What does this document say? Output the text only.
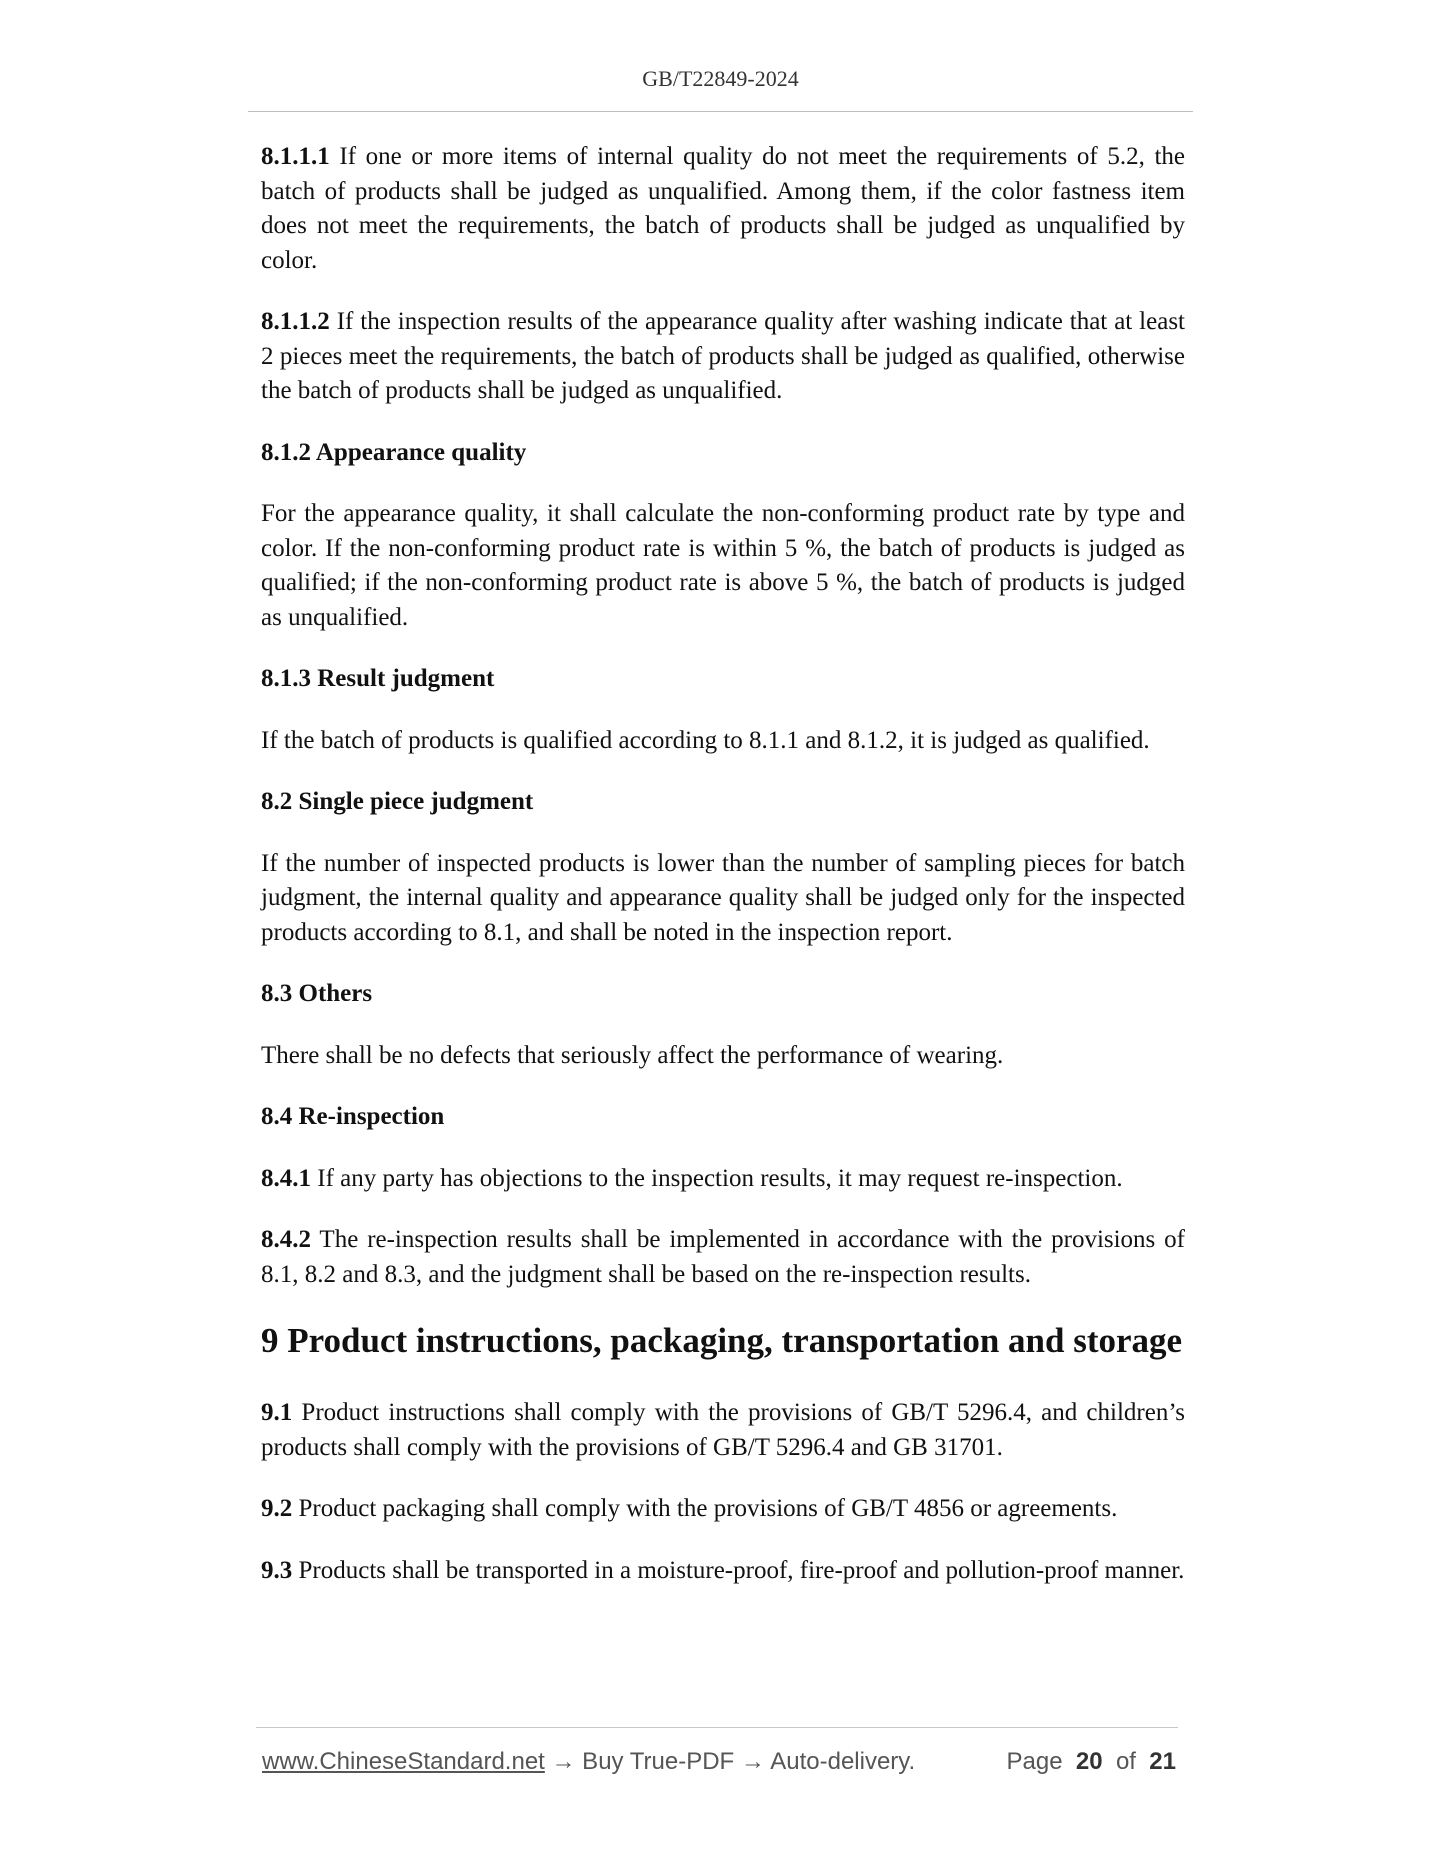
GB/T22849-2024

8.1.1.1 If one or more items of internal quality do not meet the requirements of 5.2, the batch of products shall be judged as unqualified. Among them, if the color fastness item does not meet the requirements, the batch of products shall be judged as unqualified by color.

8.1.1.2 If the inspection results of the appearance quality after washing indicate that at least 2 pieces meet the requirements, the batch of products shall be judged as qualified, otherwise the batch of products shall be judged as unqualified.

8.1.2 Appearance quality

For the appearance quality, it shall calculate the non-conforming product rate by type and color. If the non-conforming product rate is within 5 %, the batch of products is judged as qualified; if the non-conforming product rate is above 5 %, the batch of products is judged as unqualified.

8.1.3 Result judgment

If the batch of products is qualified according to 8.1.1 and 8.1.2, it is judged as qualified.

8.2 Single piece judgment

If the number of inspected products is lower than the number of sampling pieces for batch judgment, the internal quality and appearance quality shall be judged only for the inspected products according to 8.1, and shall be noted in the inspection report.

8.3 Others

There shall be no defects that seriously affect the performance of wearing.

8.4 Re-inspection

8.4.1 If any party has objections to the inspection results, it may request re-inspection.

8.4.2 The re-inspection results shall be implemented in accordance with the provisions of 8.1, 8.2 and 8.3, and the judgment shall be based on the re-inspection results.

9 Product instructions, packaging, transportation and storage

9.1 Product instructions shall comply with the provisions of GB/T 5296.4, and children’s products shall comply with the provisions of GB/T 5296.4 and GB 31701.

9.2 Product packaging shall comply with the provisions of GB/T 4856 or agreements.

9.3 Products shall be transported in a moisture-proof, fire-proof and pollution-proof manner.

www.ChineseStandard.net → Buy True-PDF → Auto-delivery.	Page 20 of 21
